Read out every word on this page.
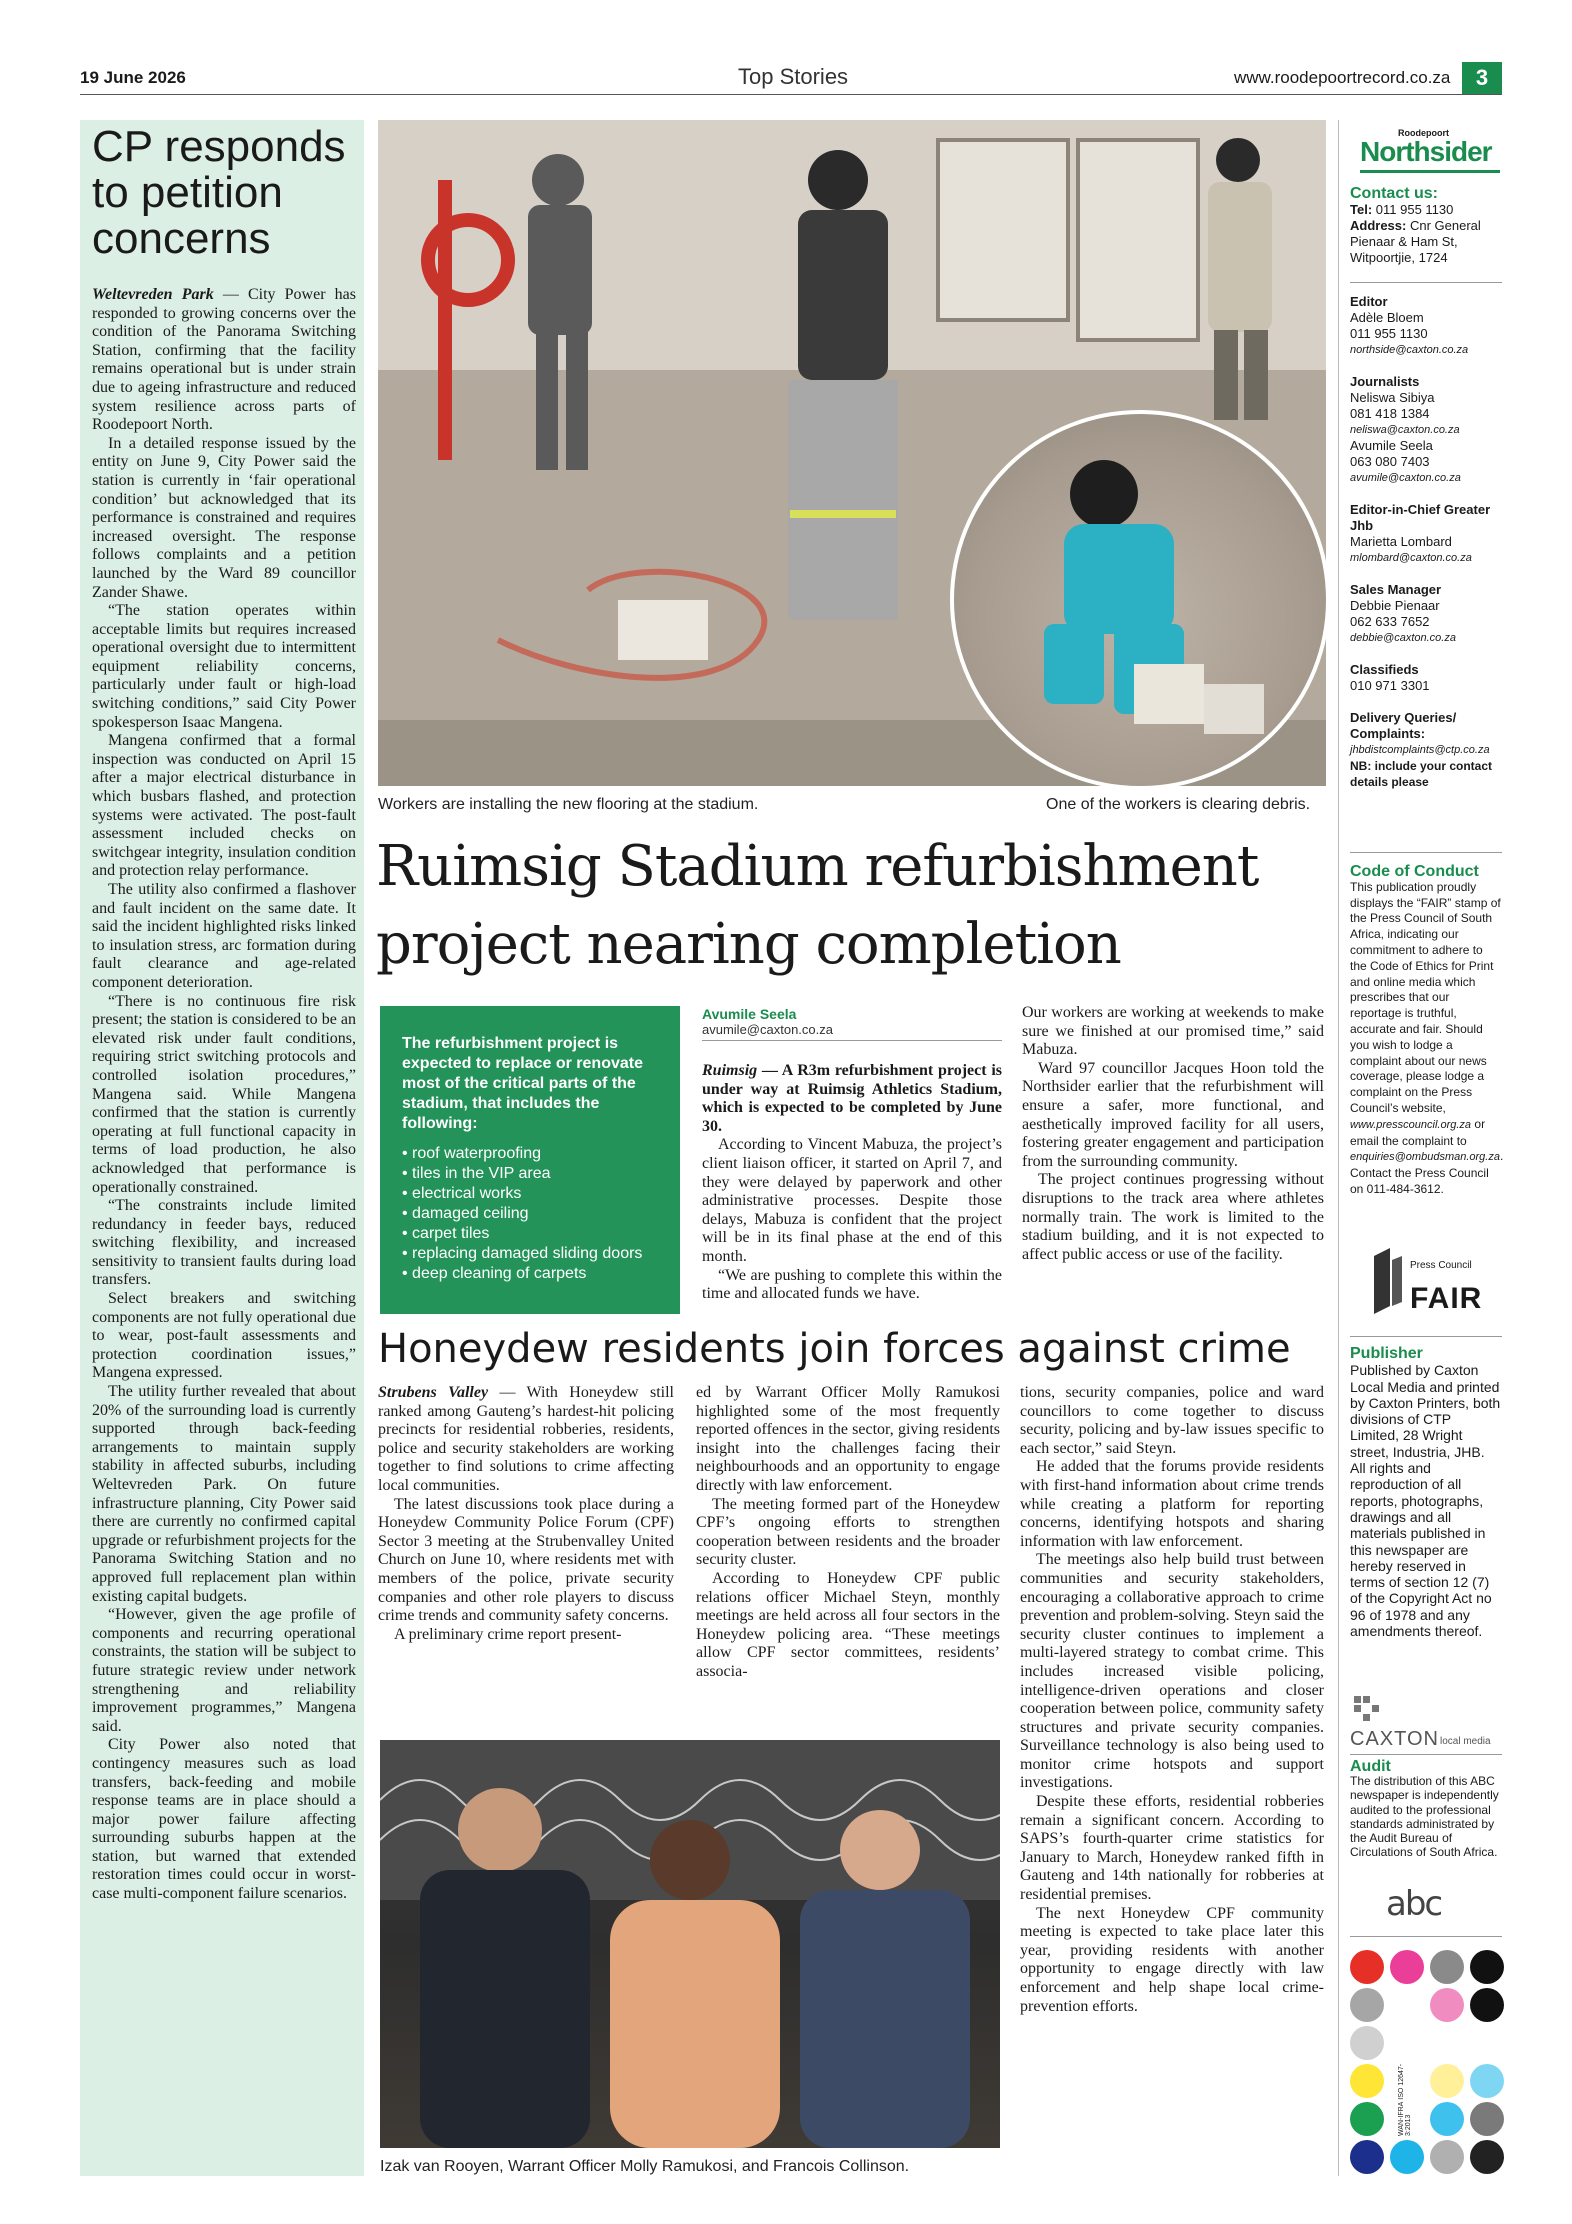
19 June 2026	Top Stories	www.roodepoortrecord.co.za	3
CP responds to petition concerns

Weltevreden Park — City Power has responded to growing concerns over the condition of the Panorama Switching Station, confirming that the facility remains operational but is under strain due to ageing infrastructure and reduced system resilience across parts of Roodepoort North.

In a detailed response issued by the entity on June 9, City Power said the station is currently in ‘fair operational condition’ but acknowledged that its performance is constrained and requires increased oversight. The response follows complaints and a petition launched by the Ward 89 councillor Zander Shawe.

“The station operates within acceptable limits but requires increased operational oversight due to intermittent equipment reliability concerns, particularly under fault or high-load switching conditions,” said City Power spokesperson Isaac Mangena.

Mangena confirmed that a formal inspection was conducted on April 15 after a major electrical disturbance in which busbars flashed, and protection systems were activated. The post-fault assessment included checks on switchgear integrity, insulation condition and protection relay performance.

The utility also confirmed a flashover and fault incident on the same date. It said the incident highlighted risks linked to insulation stress, arc formation during fault clearance and age-related component deterioration.

“There is no continuous fire risk present; the station is considered to be an elevated risk under fault conditions, requiring strict switching protocols and controlled isolation procedures,” Mangena said. While Mangena confirmed that the station is currently operating at full functional capacity in terms of load production, he also acknowledged that performance is operationally constrained.

“The constraints include limited redundancy in feeder bays, reduced switching flexibility, and increased sensitivity to transient faults during load transfers.

Select breakers and switching components are not fully operational due to wear, post-fault assessments and protection coordination issues,” Mangena expressed.

The utility further revealed that about 20% of the surrounding load is currently supported through back-feeding arrangements to maintain supply stability in affected suburbs, including Weltevreden Park. On future infrastructure planning, City Power said there are currently no confirmed capital upgrade or refurbishment projects for the Panorama Switching Station and no approved full replacement plan within existing capital budgets.

“However, given the age profile of components and recurring operational constraints, the station will be subject to future strategic review under network strengthening and reliability improvement programmes,” Mangena said.

City Power also noted that contingency measures such as load transfers, back-feeding and mobile response teams are in place should a major power failure affecting surrounding suburbs happen at the station, but warned that extended restoration times could occur in worst-case multi-component failure scenarios.

Workers are installing the new flooring at the stadium.	One of the workers is clearing debris.
Ruimsig Stadium refurbishment project nearing completion
The refurbishment project is expected to replace or renovate most of the critical parts of the stadium, that includes the following:
• roof waterproofing
• tiles in the VIP area
• electrical works
• damaged ceiling
• carpet tiles
• replacing damaged sliding doors
• deep cleaning of carpets
Avumile Seela
avumile@caxton.co.za

Ruimsig — A R3m refurbishment project is under way at Ruimsig Athletics Stadium, which is expected to be completed by June 30.

According to Vincent Mabuza, the project’s client liaison officer, it started on April 7, and they were delayed by paperwork and other administrative processes. Despite those delays, Mabuza is confident that the project will be in its final phase at the end of this month.

“We are pushing to complete this within the time and allocated funds we have.

Our workers are working at weekends to make sure we finished at our promised time,” said Mabuza.

Ward 97 councillor Jacques Hoon told the Northsider earlier that the refurbishment will ensure a safer, more functional, and aesthetically improved facility for all users, fostering greater engagement and participation from the surrounding community.

The project continues progressing without disruptions to the track area where athletes normally train. The work is limited to the stadium building, and it is not expected to affect public access or use of the facility.

Honeydew residents join forces against crime

Strubens Valley — With Honeydew still ranked among Gauteng’s hardest-hit policing precincts for residential robberies, residents, police and security stakeholders are working together to find solutions to crime affecting local communities.

The latest discussions took place during a Honeydew Community Police Forum (CPF) Sector 3 meeting at the Strubenvalley United Church on June 10, where residents met with members of the police, private security companies and other role players to discuss crime trends and community safety concerns.

A preliminary crime report present-

ed by Warrant Officer Molly Ramukosi highlighted some of the most frequently reported offences in the sector, giving residents insight into the challenges facing their neighbourhoods and an opportunity to engage directly with law enforcement.

The meeting formed part of the Honeydew CPF’s ongoing efforts to strengthen cooperation between residents and the broader security cluster.

According to Honeydew CPF public relations officer Michael Steyn, monthly meetings are held across all four sectors in the Honeydew policing area. “These meetings allow CPF sector committees, residents’ associa-

tions, security companies, police and ward councillors to come together to discuss security, policing and by-law issues specific to each sector,” said Steyn.

He added that the forums provide residents with first-hand information about crime trends while creating a platform for reporting concerns, identifying hotspots and sharing information with law enforcement.

The meetings also help build trust between communities and security stakeholders, encouraging a collaborative approach to crime prevention and problem-solving. Steyn said the security cluster continues to implement a multi-layered strategy to combat crime. This includes increased visible policing, intelligence-driven operations and closer cooperation between police, community safety structures and private security companies. Surveillance technology is also being used to monitor crime hotspots and support investigations.

Despite these efforts, residential robberies remain a significant concern. According to SAPS’s fourth-quarter crime statistics for January to March, Honeydew ranked fifth in Gauteng and 14th nationally for robberies at residential premises.

The next Honeydew CPF community meeting is expected to take place later this year, providing residents with another opportunity to engage directly with law enforcement and help shape local crime-prevention efforts.

Izak van Rooyen, Warrant Officer Molly Ramukosi, and Francois Collinson.
Roodepoort
Northsider
Contact us:
Tel: 011 955 1130
Address: Cnr General Pienaar & Ham St, Witpoortjie, 1724
Editor
Adèle Bloem
011 955 1130
northside@caxton.co.za
Journalists
Neliswa Sibiya
081 418 1384
neliswa@caxton.co.za
Avumile Seela
063 080 7403
avumile@caxton.co.za
Editor-in-Chief Greater Jhb
Marietta Lombard
mlombard@caxton.co.za
Sales Manager
Debbie Pienaar
062 633 7652
debbie@caxton.co.za
Classifieds
010 971 3301
Delivery Queries/ Complaints:
jhbdistcomplaints@ctp.co.za
NB: include your contact details please
Code of Conduct
This publication proudly displays the “FAIR” stamp of the Press Council of South Africa, indicating our commitment to adhere to the Code of Ethics for Print and online media which prescribes that our reportage is truthful, accurate and fair. Should you wish to lodge a complaint about our news coverage, please lodge a complaint on the Press Council’s website, www.presscouncil.org.za or email the complaint to enquiries@ombudsman.org.za. Contact the Press Council on 011-484-3612.
Press Council
FAIR
Publisher
Published by Caxton Local Media and printed by Caxton Printers, both divisions of CTP Limited, 28 Wright street, Industria, JHB. All rights and reproduction of all reports, photographs, drawings and all materials published in this newspaper are hereby reserved in terms of section 12 (7) of the Copyright Act no 96 of 1978 and any amendments thereof.
CAXTON local media
Audit
The distribution of this ABC newspaper is independently audited to the professional standards administrated by the Audit Bureau of Circulations of South Africa.
abc
WAN-IFRA ISO 12647-3:2013
